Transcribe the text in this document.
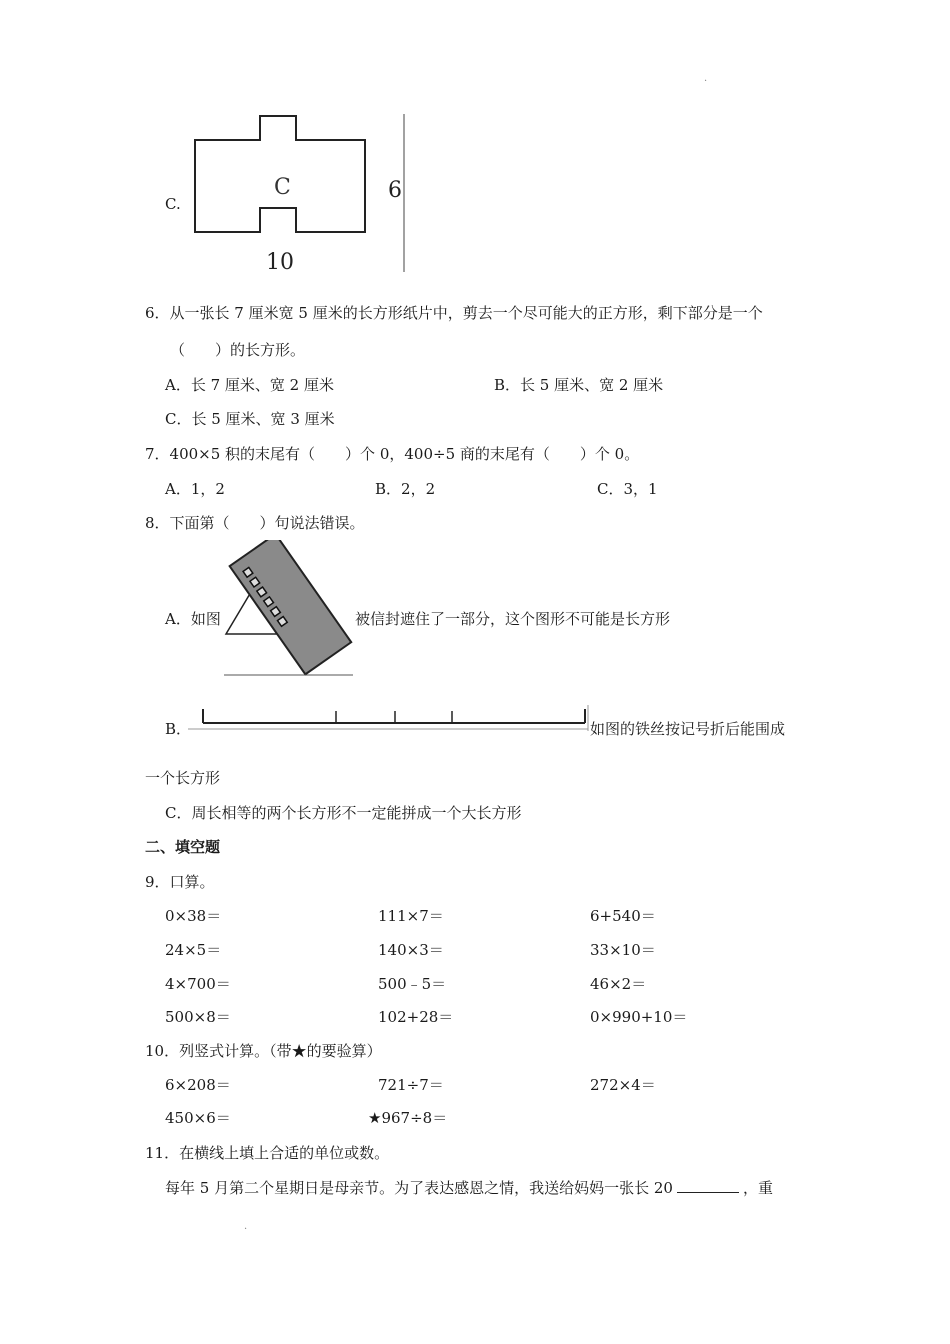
·
C.
C	6
10
6．从一张长 7 厘米宽 5 厘米的长方形纸片中，剪去一个尽可能大的正方形，剩下部分是一个
（　　）的长方形。
A．长 7 厘米、宽 2 厘米	B．长 5 厘米、宽 2 厘米
C．长 5 厘米、宽 3 厘米
7．400×5 积的末尾有（　　）个 0，400÷5 商的末尾有（　　）个 0。
A．1，2	B．2，2	C．3，1
8．下面第（　　）句说法错误。
A．如图	被信封遮住了一部分，这个图形不可能是长方形
B．	如图的铁丝按记号折后能围成
一个长方形
C．周长相等的两个长方形不一定能拼成一个大长方形
二、填空题
9．口算。
0×38＝	111×7＝	6+540＝
24×5＝	140×3＝	33×10＝
4×700＝	500﹣5＝	46×2＝
500×8＝	102+28＝	0×990+10＝
10．列竖式计算。（带★的要验算）
6×208＝	721÷7＝	272×4＝
450×6＝	★967÷8＝
11．在横线上填上合适的单位或数。
每年 5 月第二个星期日是母亲节。为了表达感恩之情，我送给妈妈一张长 20	，重
·
